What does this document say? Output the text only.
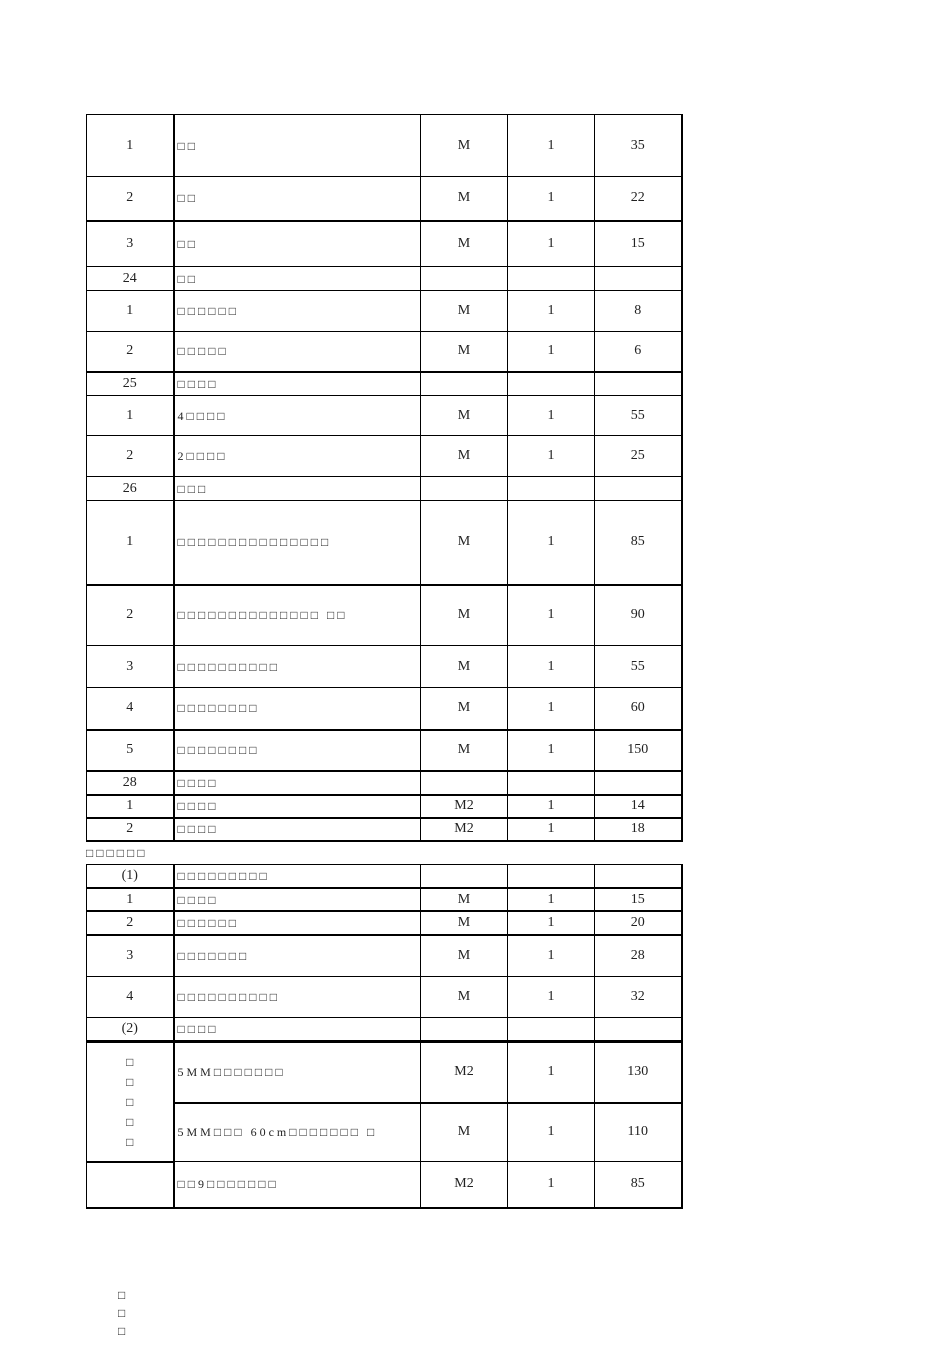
1	□□	M	1	35
2	□□	M	1	22
3	□□	M	1	15
24	□□			
1	□□□□□□	M	1	8
2	□□□□□	M	1	6
25	□□□□			
1	4□□□□	M	1	55
2	2□□□□	M	1	25
26	□□□			
1	□□□□□□□□□□□□□□□	M	1	85
2	□□□□□□□□□□□□□□ □□	M	1	90
3	□□□□□□□□□□	M	1	55
4	□□□□□□□□	M	1	60
5	□□□□□□□□	M	1	150
28	□□□□			
1	□□□□	M2	1	14
2	□□□□	M2	1	18
□□□□□□
(1)	□□□□□□□□□			
1	□□□□	M	1	15
2	□□□□□□	M	1	20
3	□□□□□□□	M	1	28
4	□□□□□□□□□□	M	1	32
(2)	□□□□			
□
□
□
□
□	5MM□□□□□□□	M2	1	130
	5MM□□□ 60cm□□□□□□□ □	M	1	110
	□□9□□□□□□□	M2	1	85
□
□
□
